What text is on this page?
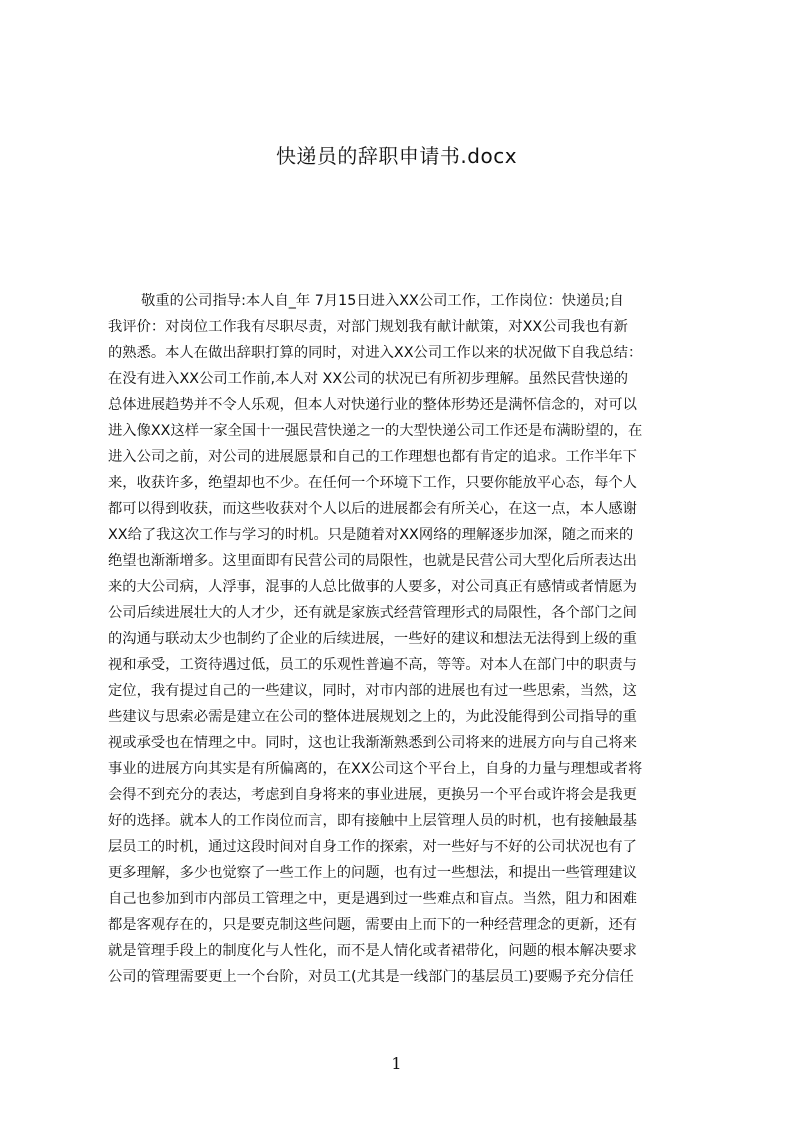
快递员的辞职申请书.docx
敬重的公司指导:本人自_年 7月15日进入XX公司工作，工作岗位：快递员;自
我评价：对岗位工作我有尽职尽责，对部门规划我有献计献策，对XX公司我也有新
的熟悉。本人在做出辞职打算的同时，对进入XX公司工作以来的状况做下自我总结：
在没有进入XX公司工作前,本人对 XX公司的状况已有所初步理解。虽然民营快递的
总体进展趋势并不令人乐观，但本人对快递行业的整体形势还是满怀信念的，对可以
进入像XX这样一家全国十一强民营快递之一的大型快递公司工作还是布满盼望的，在
进入公司之前，对公司的进展愿景和自己的工作理想也都有肯定的追求。工作半年下
来，收获许多，绝望却也不少。在任何一个环境下工作，只要你能放平心态，每个人
都可以得到收获，而这些收获对个人以后的进展都会有所关心，在这一点，本人感谢
XX给了我这次工作与学习的时机。只是随着对XX网络的理解逐步加深，随之而来的
绝望也渐渐增多。这里面即有民营公司的局限性，也就是民营公司大型化后所表达出
来的大公司病，人浮事，混事的人总比做事的人要多，对公司真正有感情或者情愿为
公司后续进展壮大的人才少，还有就是家族式经营管理形式的局限性，各个部门之间
的沟通与联动太少也制约了企业的后续进展，一些好的建议和想法无法得到上级的重
视和承受，工资待遇过低，员工的乐观性普遍不高，等等。对本人在部门中的职责与
定位，我有提过自己的一些建议，同时，对市内部的进展也有过一些思索，当然，这
些建议与思索必需是建立在公司的整体进展规划之上的，为此没能得到公司指导的重
视或承受也在情理之中。同时，这也让我渐渐熟悉到公司将来的进展方向与自己将来
事业的进展方向其实是有所偏离的，在XX公司这个平台上，自身的力量与理想或者将
会得不到充分的表达，考虑到自身将来的事业进展，更换另一个平台或许将会是我更
好的选择。就本人的工作岗位而言，即有接触中上层管理人员的时机，也有接触最基
层员工的时机，通过这段时间对自身工作的探索，对一些好与不好的公司状况也有了
更多理解，多少也觉察了一些工作上的问题，也有过一些想法，和提出一些管理建议
自己也参加到市内部员工管理之中，更是遇到过一些难点和盲点。当然，阻力和困难
都是客观存在的，只是要克制这些问题，需要由上而下的一种经营理念的更新，还有
就是管理手段上的制度化与人性化，而不是人情化或者裙带化，问题的根本解决要求
公司的管理需要更上一个台阶，对员工(尤其是一线部门的基层员工)要赐予充分信任
1
